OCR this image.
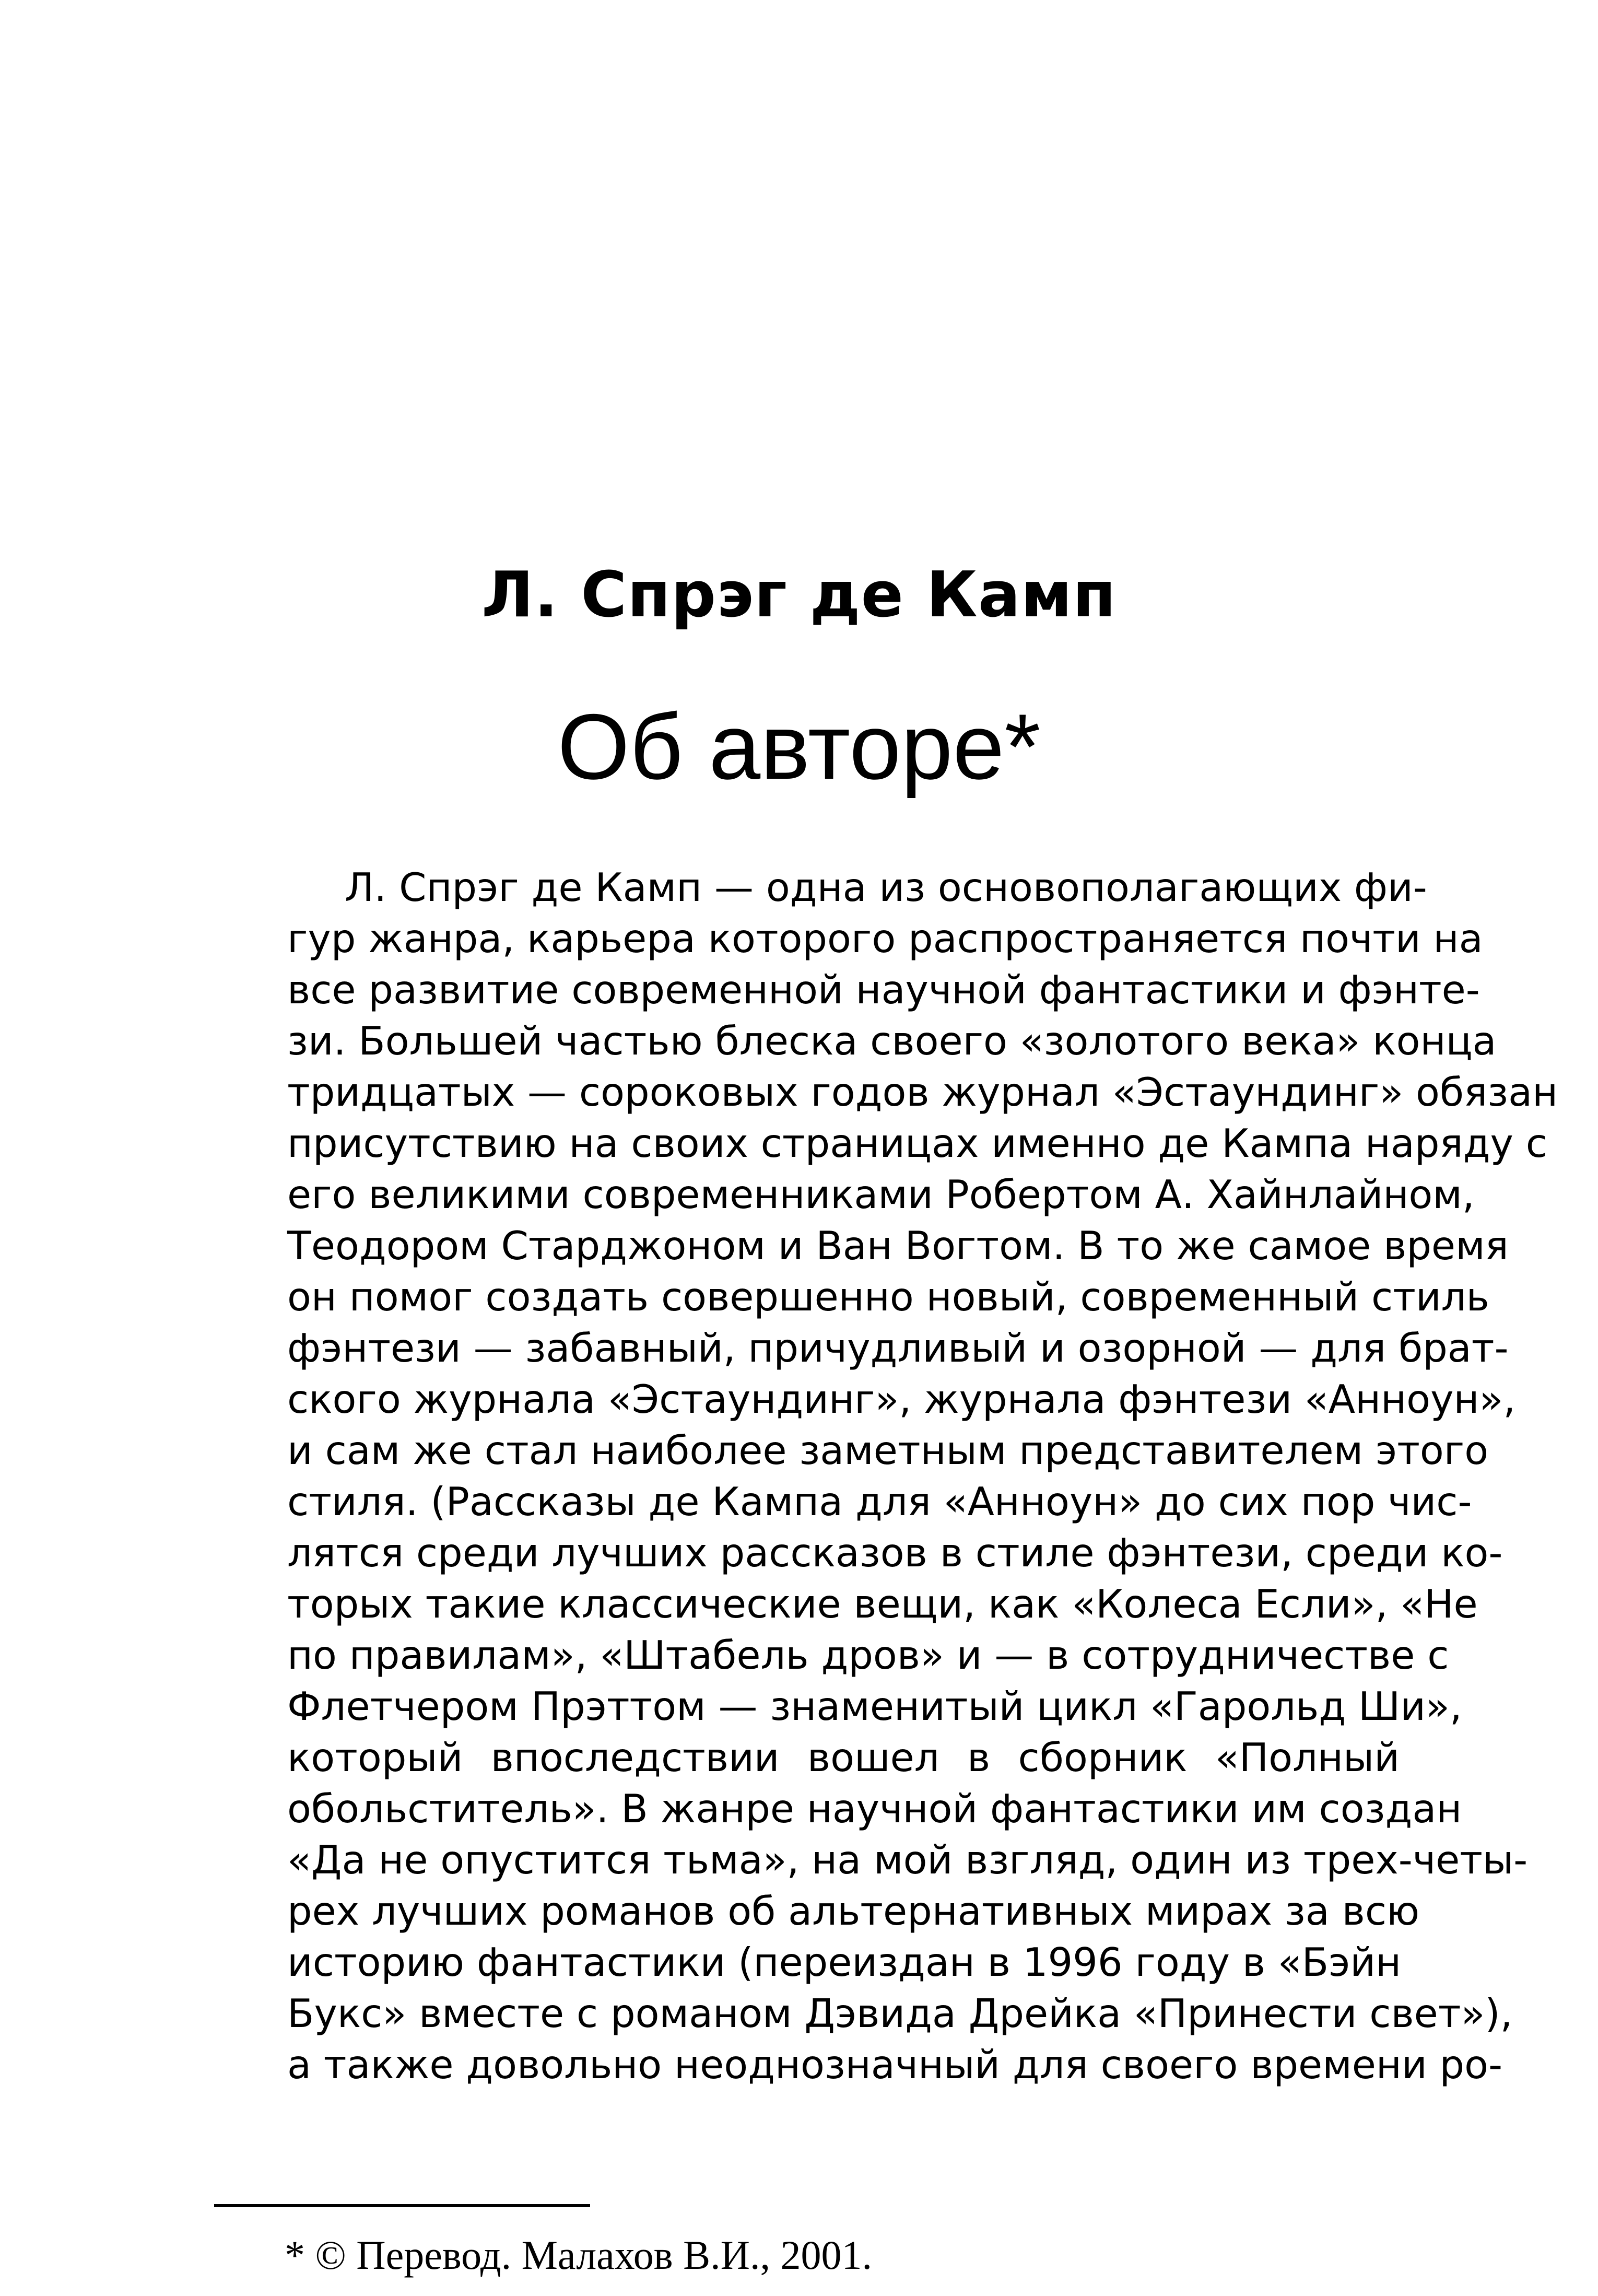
Л. Спрэг де Камп
Об авторе*
Л. Спрэг де Камп — одна из основополагающих фи-
гур жанра, карьера которого распространяется почти на
все развитие современной научной фантастики и фэнте-
зи. Большей частью блеска своего «золотого века» конца
тридцатых — сороковых годов журнал «Эстаундинг» обязан
присутствию на своих страницах именно де Кампа наряду с
его великими современниками Робертом А. Хайнлайном,
Теодором Старджоном и Ван Вогтом. В то же самое время
он помог создать совершенно новый, современный стиль
фэнтези — забавный, причудливый и озорной — для брат-
ского журнала «Эстаундинг», журнала фэнтези «Анноун»,
и сам же стал наиболее заметным представителем этого
стиля. (Рассказы де Кампа для «Анноун» до сих пор чис-
лятся среди лучших рассказов в стиле фэнтези, среди ко-
торых такие классические вещи, как «Колеса Если», «Не
по правилам», «Штабель дров» и — в сотрудничестве с
Флетчером Прэттом — знаменитый цикл «Гарольд Ши»,
который впоследствии вошел в сборник «Полный
обольститель». В жанре научной фантастики им создан
«Да не опустится тьма», на мой взгляд, один из трех-четы-
рех лучших романов об альтернативных мирах за всю
историю фантастики (переиздан в 1996 году в «Бэйн
Букс» вместе с романом Дэвида Дрейка «Принести свет»),
а также довольно неоднозначный для своего времени ро-
* © Перевод. Малахов В.И., 2001.
